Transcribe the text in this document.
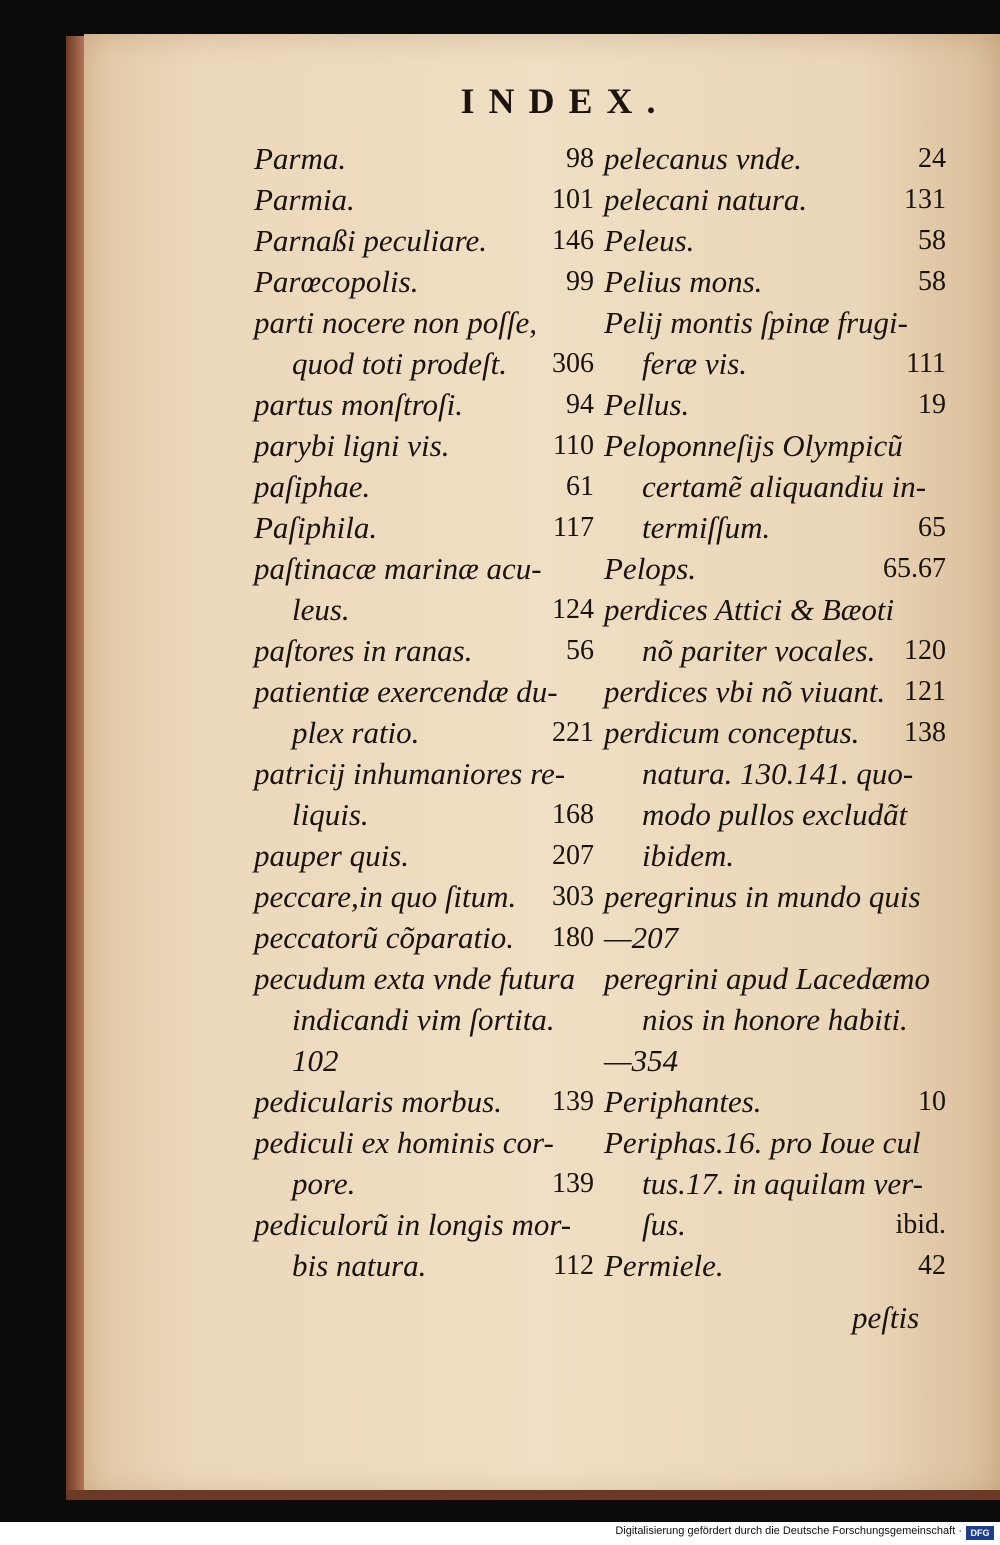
INDEX.
Parma.	98
Parmia.	101
Parnaßi peculiare. 146
Parœcopolis.	99
parti nocere non poſſe,
quod toti prodeſt. 306
partus monſtroſi.	94
parybi ligni vis.	110
paſiphae.	61
Paſiphila.	117
paſtinacæ marinæ acu-
leus.	124
paſtores in ranas.	56
patientiæ exercendæ du-
plex ratio.	221
patricij inhumaniores re-
liquis.	168
pauper quis.	207
peccare,in quo ſitum. 303
peccatorũ cõparatio. 180
pecudum exta vnde futura
indicandi vim ſortita.
102
pedicularis morbus. 139
pediculi ex hominis cor-
pore.	139
pediculorũ in longis mor-
bis natura.	112
pelecanus vnde.	24
pelecani natura.	131
Peleus.	58
Pelius mons.	58
Pelij montis ſpinæ frugi-
feræ vis.	111
Pellus.	19
Peloponneſijs Olympicũ
certamẽ aliquandiu in-
termiſſum.	65
Pelops.	65.67
perdices Attici & Bæoti
nõ pariter vocales. 120
perdices vbi nõ viuant. 121
perdicum conceptus. 138
natura. 130.141. quo-
modo pullos excludãt
ibidem.
peregrinus in mundo quis
—207
peregrini apud Lacedæmo
nios in honore habiti.
—354
Periphantes.	10
Periphas.16. pro Ioue cul
tus.17. in aquilam ver-
ſus.	ibid.
Permiele.	42
peſtis
Digitalisierung gefördert durch die Deutsche Forschungsgemeinschaft · DFG
